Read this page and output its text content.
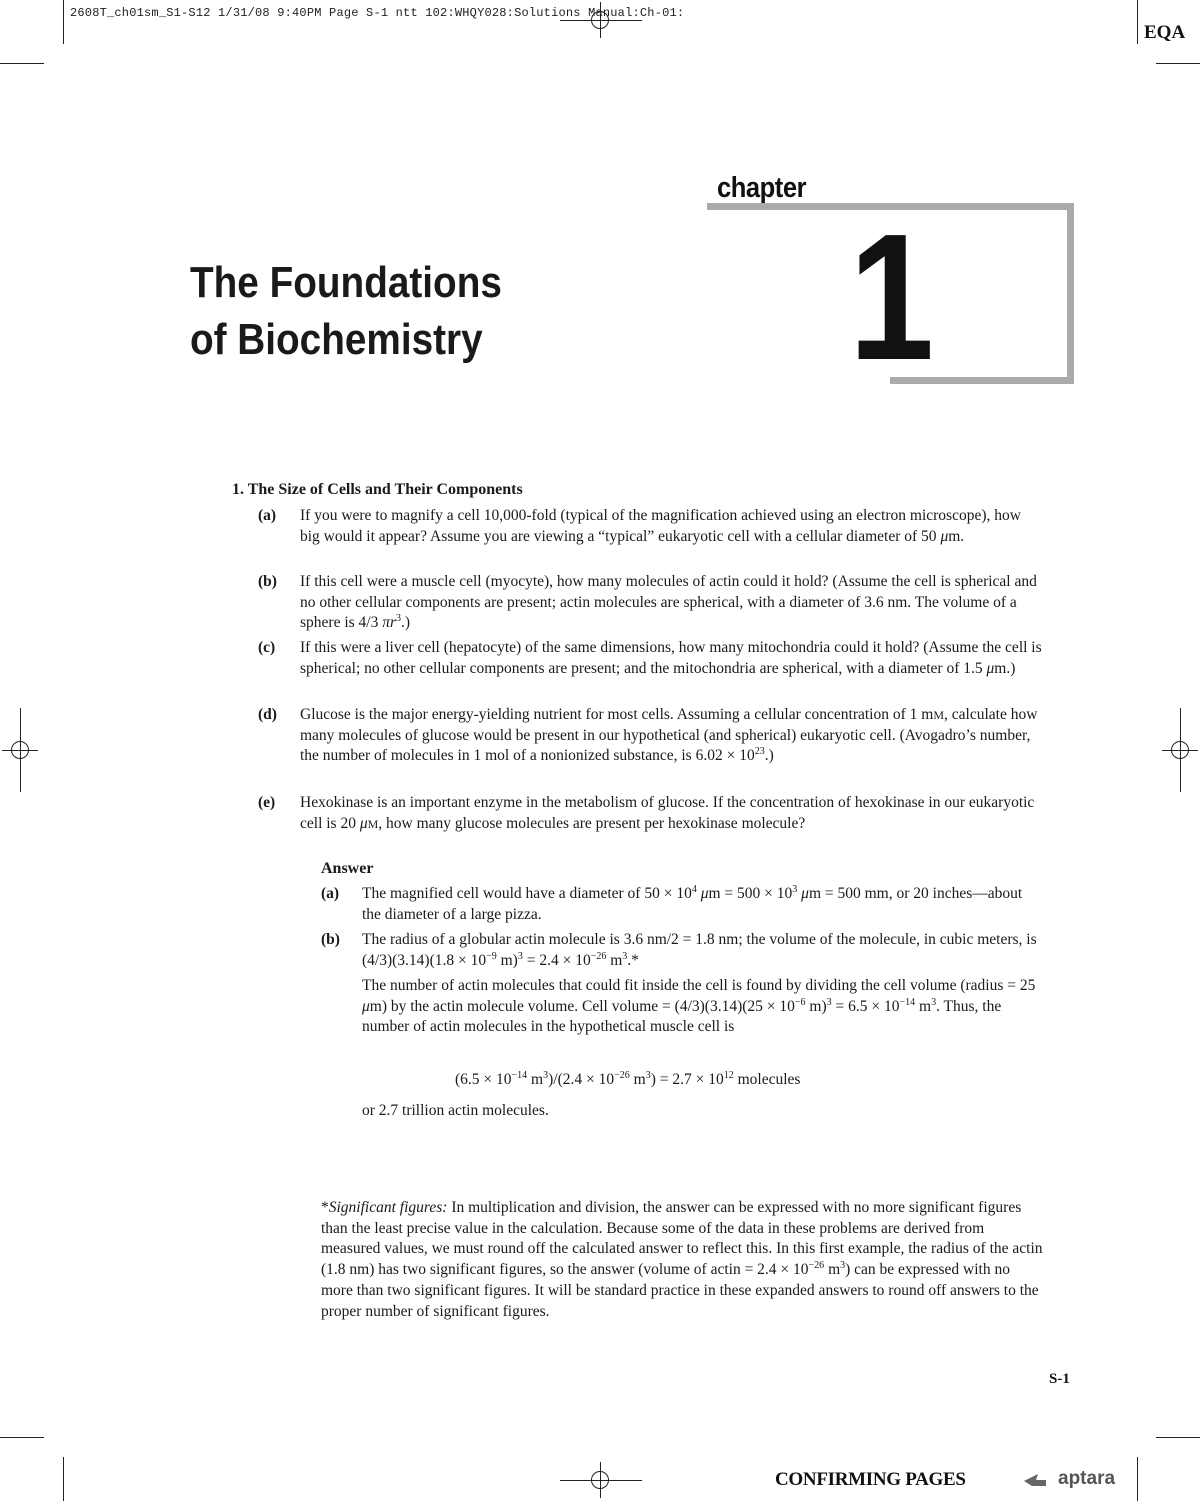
2608T_ch01sm_S1-S12 1/31/08 9:40PM Page S-1 ntt 102:WHQY028:Solutions Manual:Ch-01:
EQA
chapter
1
The Foundations
of Biochemistry
1. The Size of Cells and Their Components
(a) If you were to magnify a cell 10,000-fold (typical of the magnification achieved using an electron microscope), how big would it appear? Assume you are viewing a “typical” eukaryotic cell with a cellular diameter of 50 μm.
(b) If this cell were a muscle cell (myocyte), how many molecules of actin could it hold? (Assume the cell is spherical and no other cellular components are present; actin molecules are spherical, with a diameter of 3.6 nm. The volume of a sphere is 4/3 $\pi r^3$.)
(c) If this were a liver cell (hepatocyte) of the same dimensions, how many mitochondria could it hold? (Assume the cell is spherical; no other cellular components are present; and the mitochondria are spherical, with a diameter of 1.5 μm.)
(d) Glucose is the major energy-yielding nutrient for most cells. Assuming a cellular concentration of 1 mM, calculate how many molecules of glucose would be present in our hypothetical (and spherical) eukaryotic cell. (Avogadro’s number, the number of molecules in 1 mol of a nonionized substance, is $6.02 \times 10^{23}$.)
(e) Hexokinase is an important enzyme in the metabolism of glucose. If the concentration of hexokinase in our eukaryotic cell is 20 μM, how many glucose molecules are present per hexokinase molecule?
Answer
(a) The magnified cell would have a diameter of $50 \times 10^4$ $\mu m = 500 \times 10^3$ μm = 500 mm, or 20 inches—about the diameter of a large pizza.
(b) The radius of a globular actin molecule is 3.6 nm/2 = 1.8 nm; the volume of the molecule, in cubic meters, is $(4/3)(3.14)(1.8 \times 10^{-9}$ $m)^3 = 2.4 \times 10^{-26}$ $m^3.*$
The number of actin molecules that could fit inside the cell is found by dividing the cell volume (radius = 25 μm) by the actin molecule volume. Cell volume = $(4/3)(3.14)(25 \times 10^{-6}$ $m)^3 = 6.5 \times 10^{-14}$ $m^3$. Thus, the number of actin molecules in the hypothetical muscle cell is
($6.5 \times 10^{-14}$ $m^3)/(2.4 \times 10^{-26}$ $m^3) = 2.7 \times 10^{12}$ molecules
or 2.7 trillion actin molecules.
*Significant figures: In multiplication and division, the answer can be expressed with no more significant figures than the least precise value in the calculation. Because some of the data in these problems are derived from measured values, we must round off the calculated answer to reflect this. In this first example, the radius of the actin (1.8 nm) has two significant figures, so the answer (volume of actin = $2.4 \times 10^{-26}$ $m^3$) can be expressed with no more than two significant figures. It will be standard practice in these expanded answers to round off answers to the proper number of significant figures.
S-1
CONFIRMING PAGES	aptara
